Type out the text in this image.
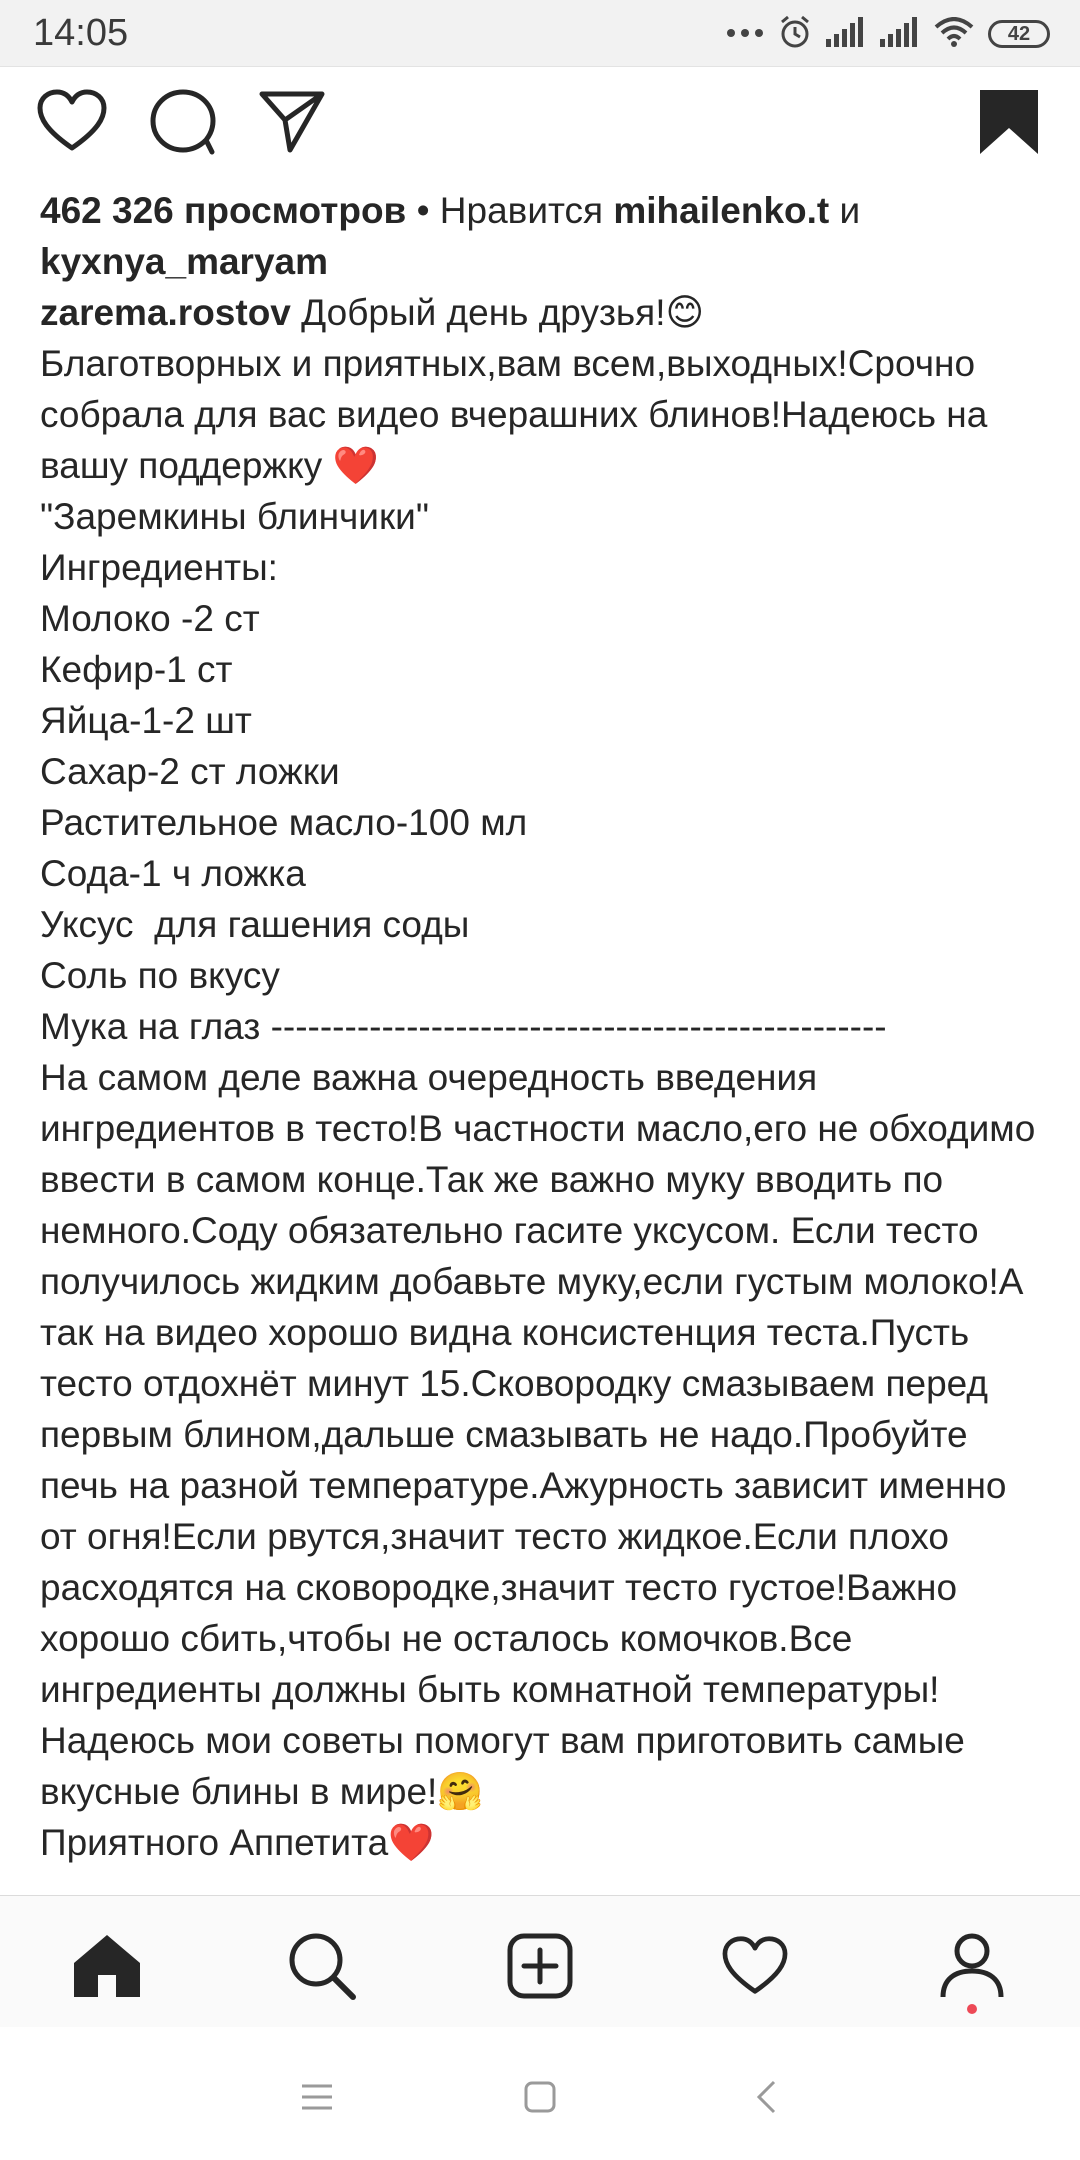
14:05	42
462 326 просмотров • Нравится mihailenko.t и
kyxnya_maryam

zarema.rostov Добрый день друзья!😊
Благотворных и приятных,вам всем,выходных!Срочно собрала для вас видео вчерашних блинов!Надеюсь на вашу поддержку ❤️
"Заремкины блинчики"
Ингредиенты:
Молоко -2 ст
Кефир-1 ст
Яйца-1-2 шт
Сахар-2 ст ложки
Растительное масло-100 мл
Сода-1 ч ложка
Уксус  для гашения соды
Соль по вкусу
Мука на глаз --------------------------------------------------
На самом деле важна очередность введения ингредиентов в тесто!В частности масло,его не обходимо ввести в самом конце.Так же важно муку вводить по немного.Соду обязательно гасите уксусом. Если тесто получилось жидким добавьте муку,если густым молоко!А так на видео хорошо видна консистенция теста.Пусть тесто отдохнёт минут 15.Сковородку смазываем перед первым блином,дальше смазывать не надо.Пробуйте печь на разной температуре.Ажурность зависит именно от огня!Если рвутся,значит тесто жидкое.Если плохо расходятся на сковородке,значит тесто густое!Важно хорошо сбить,чтобы не осталось комочков.Все ингредиенты должны быть комнатной температуры! Надеюсь мои советы помогут вам приготовить самые вкусные блины в мире!🤗
Приятного Аппетита❤️
